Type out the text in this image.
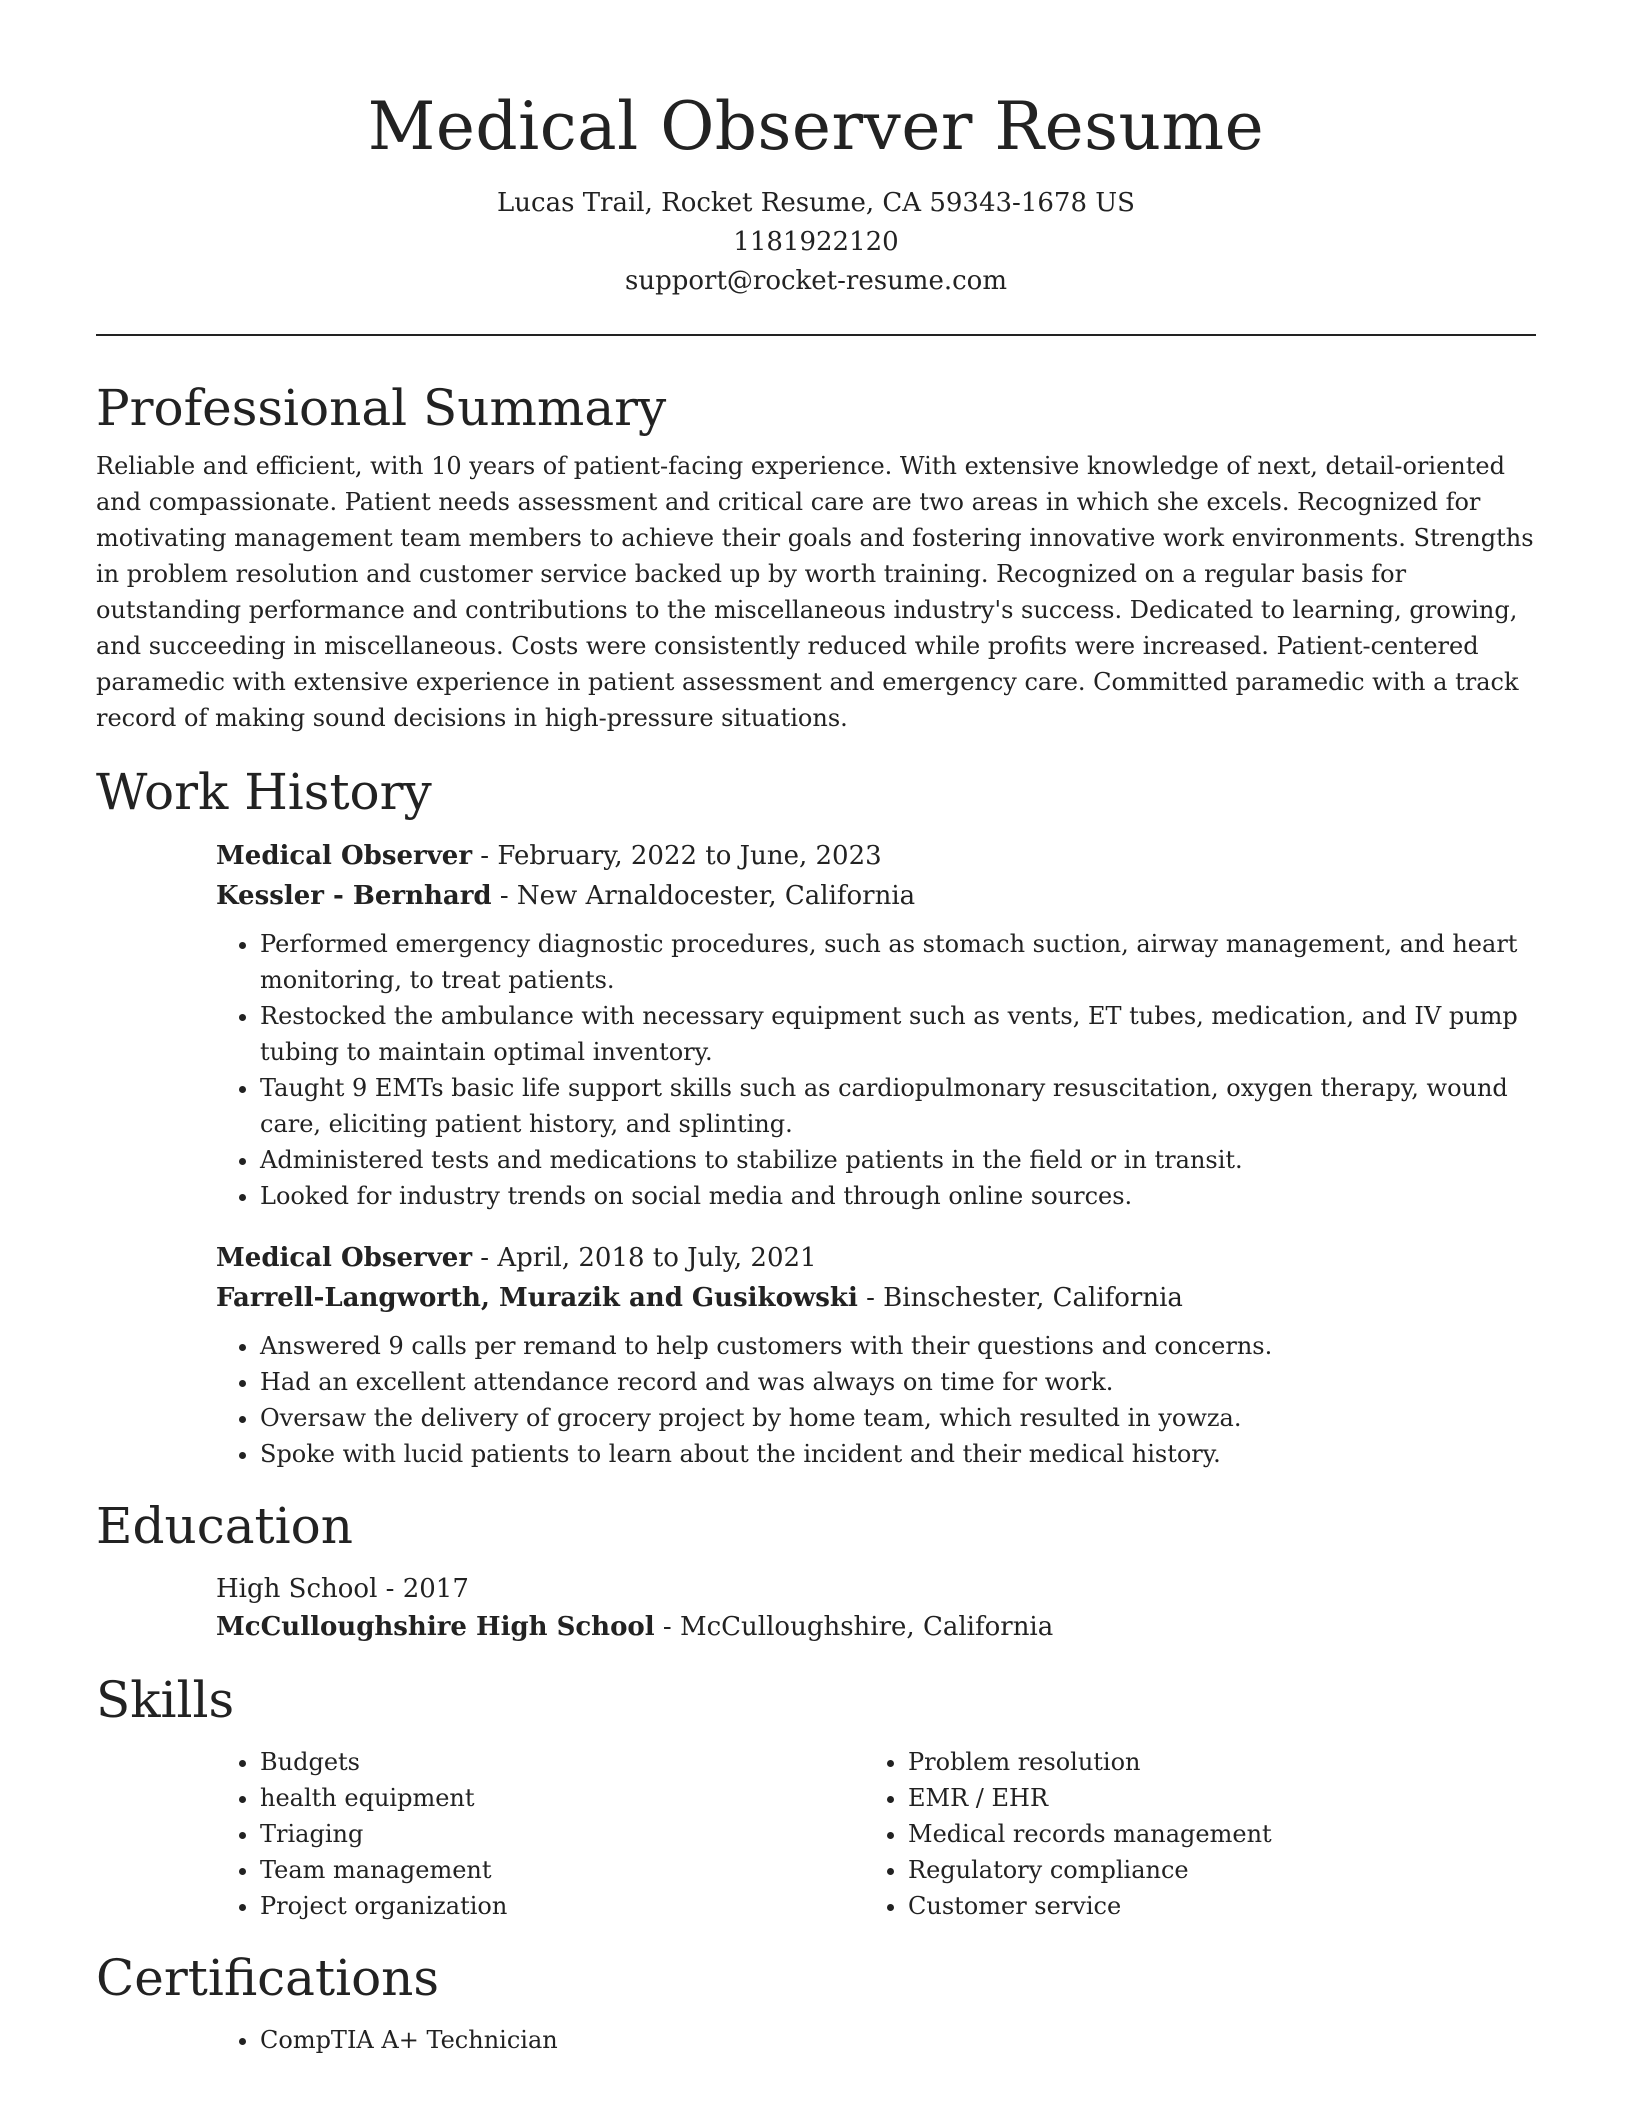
Medical Observer Resume

Lucas Trail, Rocket Resume, CA 59343-1678 US

1181922120

support@rocket-resume.com

Professional Summary

Reliable and efficient, with 10 years of patient-facing experience. With extensive knowledge of next, detail-oriented and compassionate. Patient needs assessment and critical care are two areas in which she excels. Recognized for motivating management team members to achieve their goals and fostering innovative work environments. Strengths in problem resolution and customer service backed up by worth training. Recognized on a regular basis for outstanding performance and contributions to the miscellaneous industry's success. Dedicated to learning, growing, and succeeding in miscellaneous. Costs were consistently reduced while profits were increased. Patient-centered paramedic with extensive experience in patient assessment and emergency care. Committed paramedic with a track record of making sound decisions in high-pressure situations.

Work History

Medical Observer - February, 2022 to June, 2023

Kessler - Bernhard - New Arnaldocester, California

• Performed emergency diagnostic procedures, such as stomach suction, airway management, and heart monitoring, to treat patients.
• Restocked the ambulance with necessary equipment such as vents, ET tubes, medication, and IV pump tubing to maintain optimal inventory.
• Taught 9 EMTs basic life support skills such as cardiopulmonary resuscitation, oxygen therapy, wound care, eliciting patient history, and splinting.
• Administered tests and medications to stabilize patients in the field or in transit.
• Looked for industry trends on social media and through online sources.

Medical Observer - April, 2018 to July, 2021

Farrell-Langworth, Murazik and Gusikowski - Binschester, California

• Answered 9 calls per remand to help customers with their questions and concerns.
• Had an excellent attendance record and was always on time for work.
• Oversaw the delivery of grocery project by home team, which resulted in yowza.
• Spoke with lucid patients to learn about the incident and their medical history.
Education

High School - 2017

McCulloughshire High School - McCulloughshire, California

Skills
• Budgets
• health equipment
• Triaging
• Team management
• Project organization
• Problem resolution
• EMR / EHR
• Medical records management
• Regulatory compliance
• Customer service
Certifications
• CompTIA A+ Technician
